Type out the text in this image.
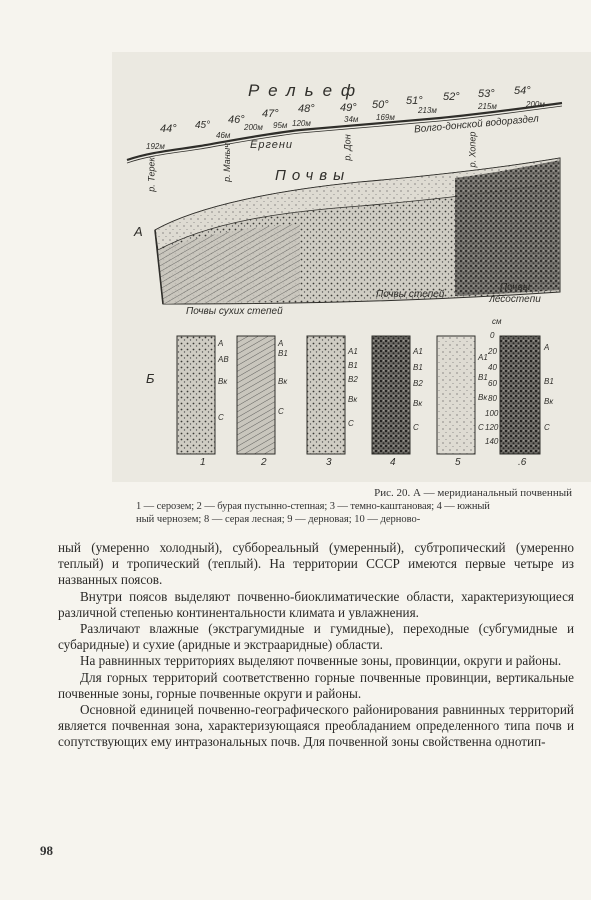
Рельеф
Почвы
А
Б
44° 45° 46° 47° 48° 49° 50° 51° 52° 53° 54°
192м
46м
200м 95м 120м	34м 169м
213м	215м	200м
Ергени
Волго-донской водораздел
р. Терек	р. Маныч	р. Дон	р. Хопер
Почвы сухих степей
Почвы степей
Почвы лесостепи
А
АВ
Вк
С
А
В1
Вк
С
А1
В1
В2
Вк
С
А1
В1
В2
Вк
С
А1
В1
Вк
С
А
В1
Вк
С
см
0
20
40
60
80
100
120
140
1	2	3	4	5	.6
Рис. 20. А — меридианальный почвенный
1 — серозем; 2 — бурая пустынно-степная; 3 — темно-каштановая; 4 — южный
ный чернозем; 8 — серая лесная; 9 — дерновая; 10 — дерново-

ный (умеренно холодный), суббореальный (умеренный), субтропический (умеренно теплый) и тропический (теплый). На территории СССР имеются первые четыре из названных поясов.

Внутри поясов выделяют почвенно-биоклиматические области, характеризующиеся различной степенью континентальности климата и увлажнения.

Различают влажные (экстрагумидные и гумидные), переходные (субгумидные и субаридные) и сухие (аридные и экстрааридные) области.

На равнинных территориях выделяют почвенные зоны, провинции, округи и районы.

Для горных территорий соответственно горные почвенные провинции, вертикальные почвенные зоны, горные почвенные округи и районы.

Основной единицей почвенно-географического районирования равнинных территорий является почвенная зона, характеризующаяся преобладанием определенного типа почв и сопутствующих ему интразональных почв. Для почвенной зоны свойственна однотип-

98
